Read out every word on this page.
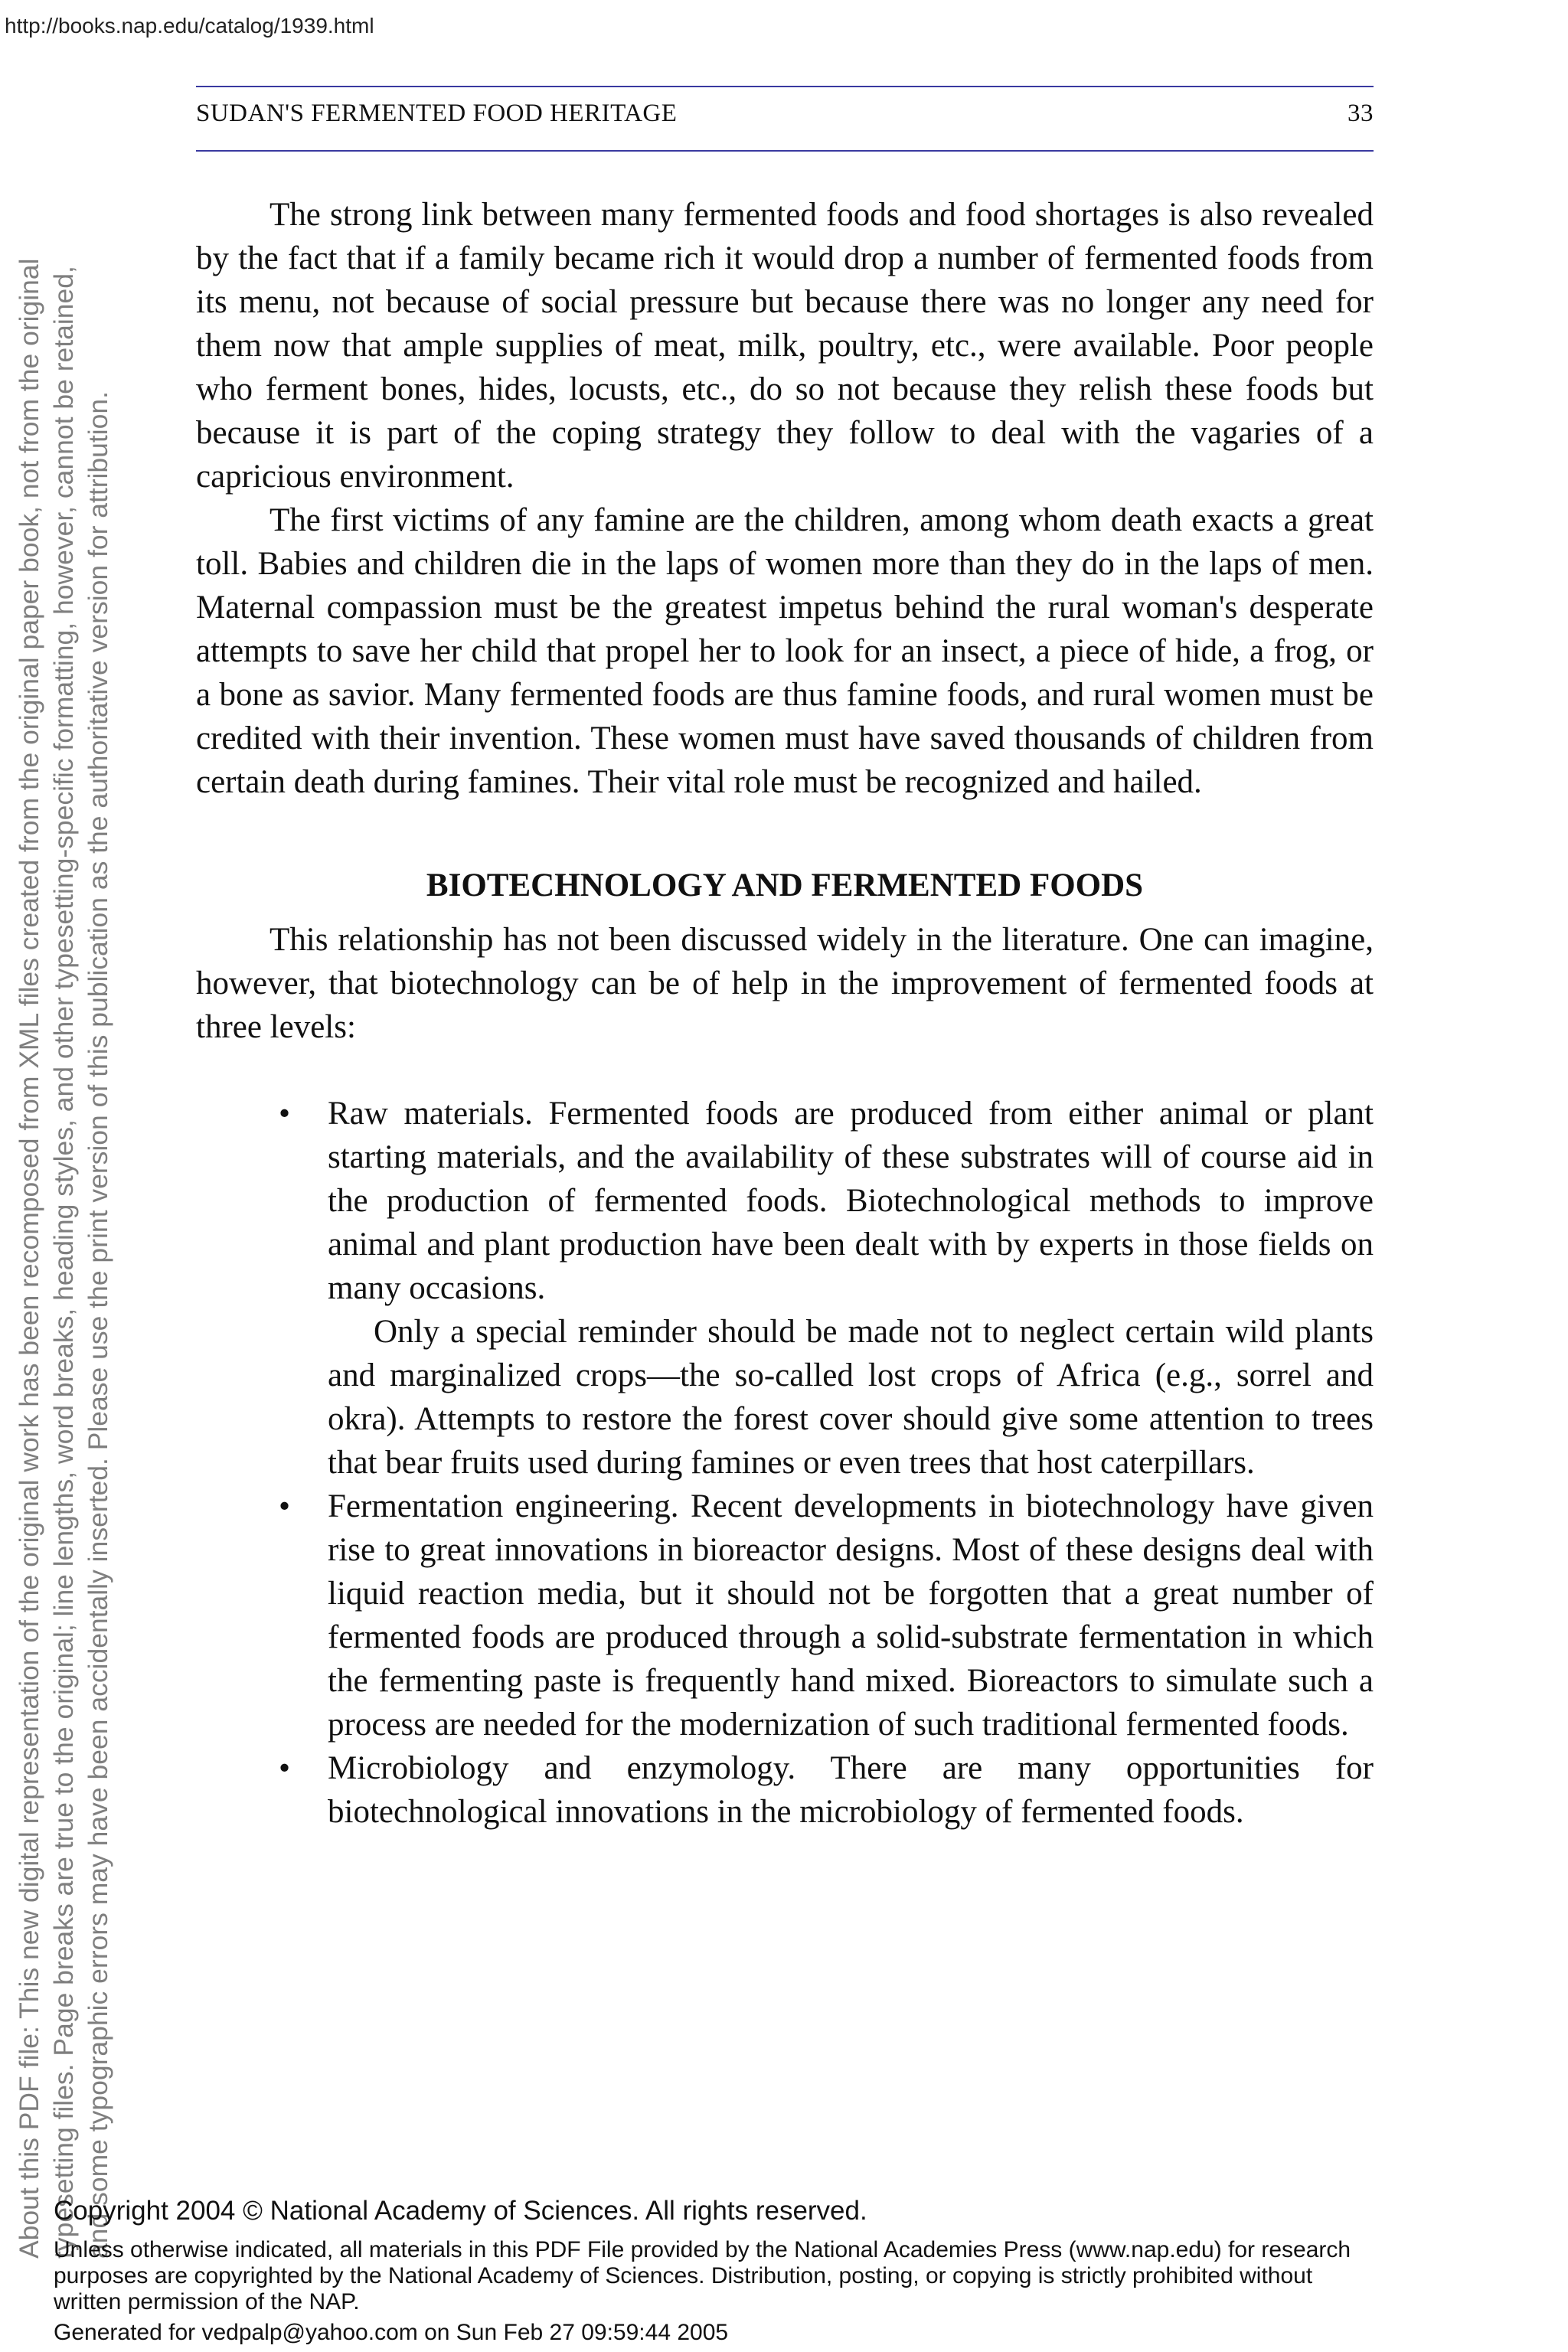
http://books.nap.edu/catalog/1939.html
About this PDF file: This new digital representation of the original work has been recomposed from XML files created from the original paper book, not from the original typesetting files. Page breaks are true to the original; line lengths, word breaks, heading styles, and other typesetting-specific formatting, however, cannot be retained, and some typographic errors may have been accidentally inserted. Please use the print version of this publication as the authoritative version for attribution.
SUDAN'S FERMENTED FOOD HERITAGE	33

The strong link between many fermented foods and food shortages is also revealed by the fact that if a family became rich it would drop a number of fermented foods from its menu, not because of social pressure but because there was no longer any need for them now that ample supplies of meat, milk, poultry, etc., were available. Poor people who ferment bones, hides, locusts, etc., do so not because they relish these foods but because it is part of the coping strategy they follow to deal with the vagaries of a capricious environment.

The first victims of any famine are the children, among whom death exacts a great toll. Babies and children die in the laps of women more than they do in the laps of men. Maternal compassion must be the greatest impetus behind the rural woman's desperate attempts to save her child that propel her to look for an insect, a piece of hide, a frog, or a bone as savior. Many fermented foods are thus famine foods, and rural women must be credited with their invention. These women must have saved thousands of children from certain death during famines. Their vital role must be recognized and hailed.

BIOTECHNOLOGY AND FERMENTED FOODS

This relationship has not been discussed widely in the literature. One can imagine, however, that biotechnology can be of help in the improvement of fermented foods at three levels:

• Raw materials. Fermented foods are produced from either animal or plant starting materials, and the availability of these substrates will of course aid in the production of fermented foods. Biotechnological methods to improve animal and plant production have been dealt with by experts in those fields on many occasions.

Only a special reminder should be made not to neglect certain wild plants and marginalized crops—the so-called lost crops of Africa (e.g., sorrel and okra). Attempts to restore the forest cover should give some attention to trees that bear fruits used during famines or even trees that host caterpillars.

• Fermentation engineering. Recent developments in biotechnology have given rise to great innovations in bioreactor designs. Most of these designs deal with liquid reaction media, but it should not be forgotten that a great number of fermented foods are produced through a solid-substrate fermentation in which the fermenting paste is frequently hand mixed. Bioreactors to simulate such a process are needed for the modernization of such traditional fermented foods.

• Microbiology and enzymology. There are many opportunities for biotechnological innovations in the microbiology of fermented foods.

Copyright 2004 © National Academy of Sciences. All rights reserved.
Unless otherwise indicated, all materials in this PDF File provided by the National Academies Press (www.nap.edu) for research
purposes are copyrighted by the National Academy of Sciences. Distribution, posting, or copying is strictly prohibited without
written permission of the NAP.
Generated for vedpalp@yahoo.com on Sun Feb 27 09:59:44 2005
